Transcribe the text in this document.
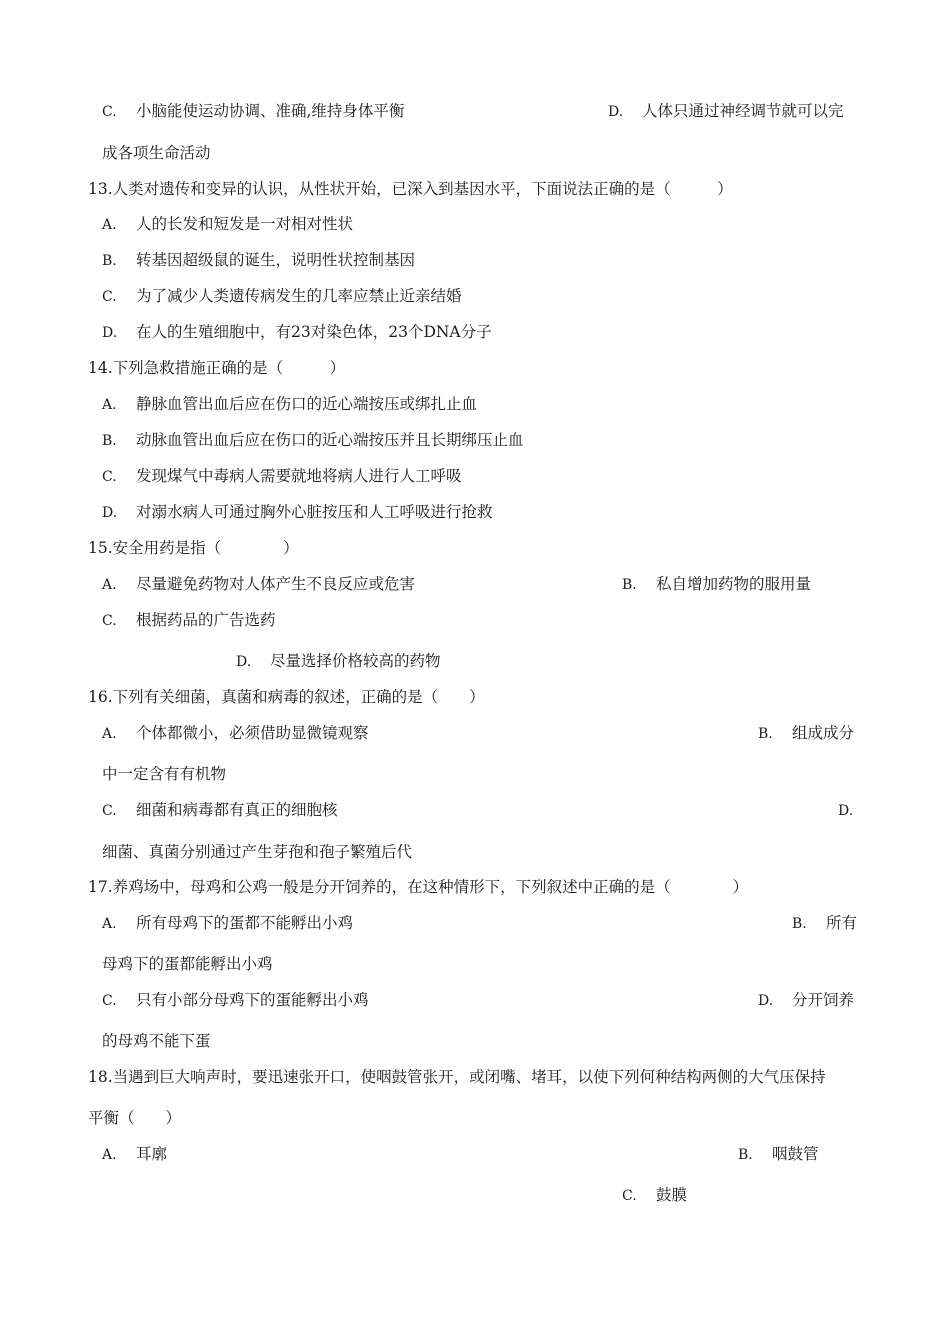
C. 小脑能使运动协调、准确,维持身体平衡	D. 人体只通过神经调节就可以完
成各项生命活动
13.人类对遗传和变异的认识，从性状开始，已深入到基因水平，下面说法正确的是（　　　）
A. 人的长发和短发是一对相对性状
B. 转基因超级鼠的诞生，说明性状控制基因
C. 为了减少人类遗传病发生的几率应禁止近亲结婚
D. 在人的生殖细胞中，有23对染色体，23个DNA分子
14.下列急救措施正确的是（　　　）
A. 静脉血管出血后应在伤口的近心端按压或绑扎止血
B. 动脉血管出血后应在伤口的近心端按压并且长期绑压止血
C. 发现煤气中毒病人需要就地将病人进行人工呼吸
D. 对溺水病人可通过胸外心脏按压和人工呼吸进行抢救
15.安全用药是指（　　　　）
A. 尽量避免药物对人体产生不良反应或危害	B. 私自增加药物的服用量
C. 根据药品的广告选药
D. 尽量选择价格较高的药物
16.下列有关细菌，真菌和病毒的叙述，正确的是（　　）
A. 个体都微小，必须借助显微镜观察	B. 组成成分
中一定含有有机物
C. 细菌和病毒都有真正的细胞核	D.
细菌、真菌分别通过产生芽孢和孢子繁殖后代
17.养鸡场中，母鸡和公鸡一般是分开饲养的，在这种情形下，下列叙述中正确的是（　　　　）
A. 所有母鸡下的蛋都不能孵出小鸡	B. 所有
母鸡下的蛋都能孵出小鸡
C. 只有小部分母鸡下的蛋能孵出小鸡	D. 分开饲养
的母鸡不能下蛋
18.当遇到巨大响声时，要迅速张开口，使咽鼓管张开，或闭嘴、堵耳，以使下列何种结构两侧的大气压保持
平衡（　　）
A. 耳廓	B. 咽鼓管
C. 鼓膜
